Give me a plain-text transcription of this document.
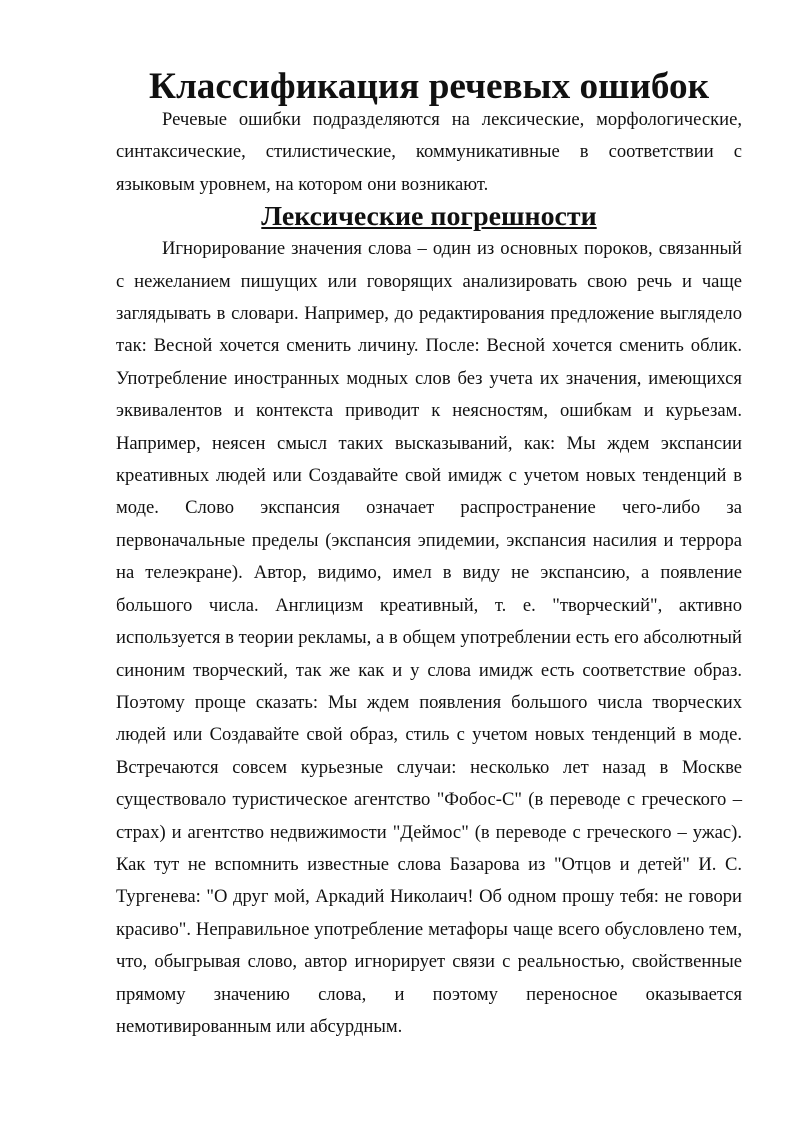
Классификация речевых ошибок
Речевые ошибки подразделяются на лексические, морфологические,
синтаксические, стилистические, коммуникативные в соответствии с
языковым уровнем, на котором они возникают.
Лексические погрешности
Игнорирование значения слова – один из основных пороков, связанный
с нежеланием пишущих или говорящих анализировать свою речь и чаще
заглядывать в словари. Например, до редактирования предложение выглядело
так: Весной хочется сменить личину. После: Весной хочется сменить облик.
Употребление иностранных модных слов без учета их значения, имеющихся
эквивалентов и контекста приводит к неясностям, ошибкам и курьезам.
Например, неясен смысл таких высказываний, как: Мы ждем экспансии
креативных людей или Создавайте свой имидж с учетом новых тенденций в
моде. Слово экспансия означает распространение чего-либо за
первоначальные пределы (экспансия эпидемии, экспансия насилия и террора
на телеэкране). Автор, видимо, имел в виду не экспансию, а появление
большого числа. Англицизм креативный, т. е. "творческий", активно
используется в теории рекламы, а в общем употреблении есть его абсолютный
синоним творческий, так же как и у слова имидж есть соответствие образ.
Поэтому проще сказать: Мы ждем появления большого числа творческих
людей или Создавайте свой образ, стиль с учетом новых тенденций в моде.
Встречаются совсем курьезные случаи: несколько лет назад в Москве
существовало туристическое агентство "Фобос-С" (в переводе с греческого –
страх) и агентство недвижимости "Деймос" (в переводе с греческого – ужас).
Как тут не вспомнить известные слова Базарова из "Отцов и детей" И. С.
Тургенева: "О друг мой, Аркадий Николаич! Об одном прошу тебя: не говори
красиво". Неправильное употребление метафоры чаще всего обусловлено тем,
что, обыгрывая слово, автор игнорирует связи с реальностью, свойственные
прямому значению слова, и поэтому переносное оказывается
немотивированным или абсурдным.
